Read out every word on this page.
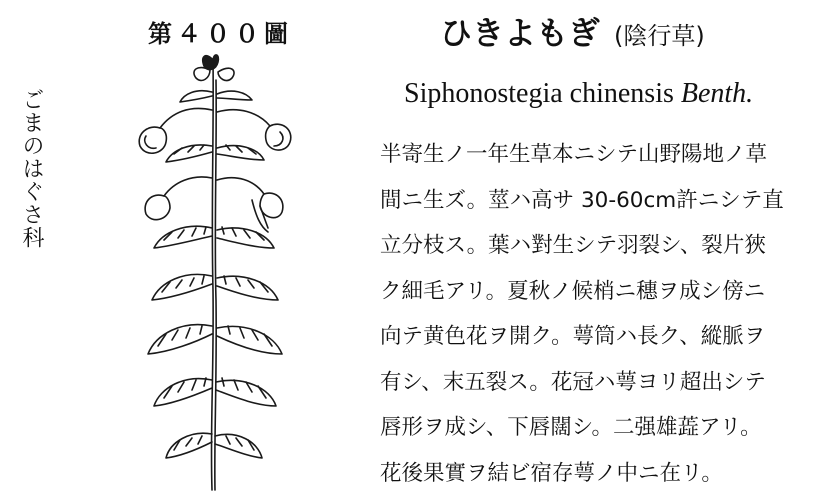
第４００圖
ごまのはぐさ科
ひきよもぎ (陰行草)
Siphonostegia chinensis Benth.
半寄生ノ一年生草本ニシテ山野陽地ノ草
間ニ生ズ。莖ハ高サ 30-60cm許ニシテ直
立分枝ス。葉ハ對生シテ羽裂シ、裂片狹
ク細毛アリ。夏秋ノ候梢ニ穗ヲ成シ傍ニ
向テ黄色花ヲ開ク。萼筒ハ長ク、縱脈ヲ
有シ、末五裂ス。花冠ハ萼ヨリ超出シテ
唇形ヲ成シ、下唇闊シ。二强雄蕋アリ。
花後果實ヲ結ビ宿存萼ノ中ニ在リ。
